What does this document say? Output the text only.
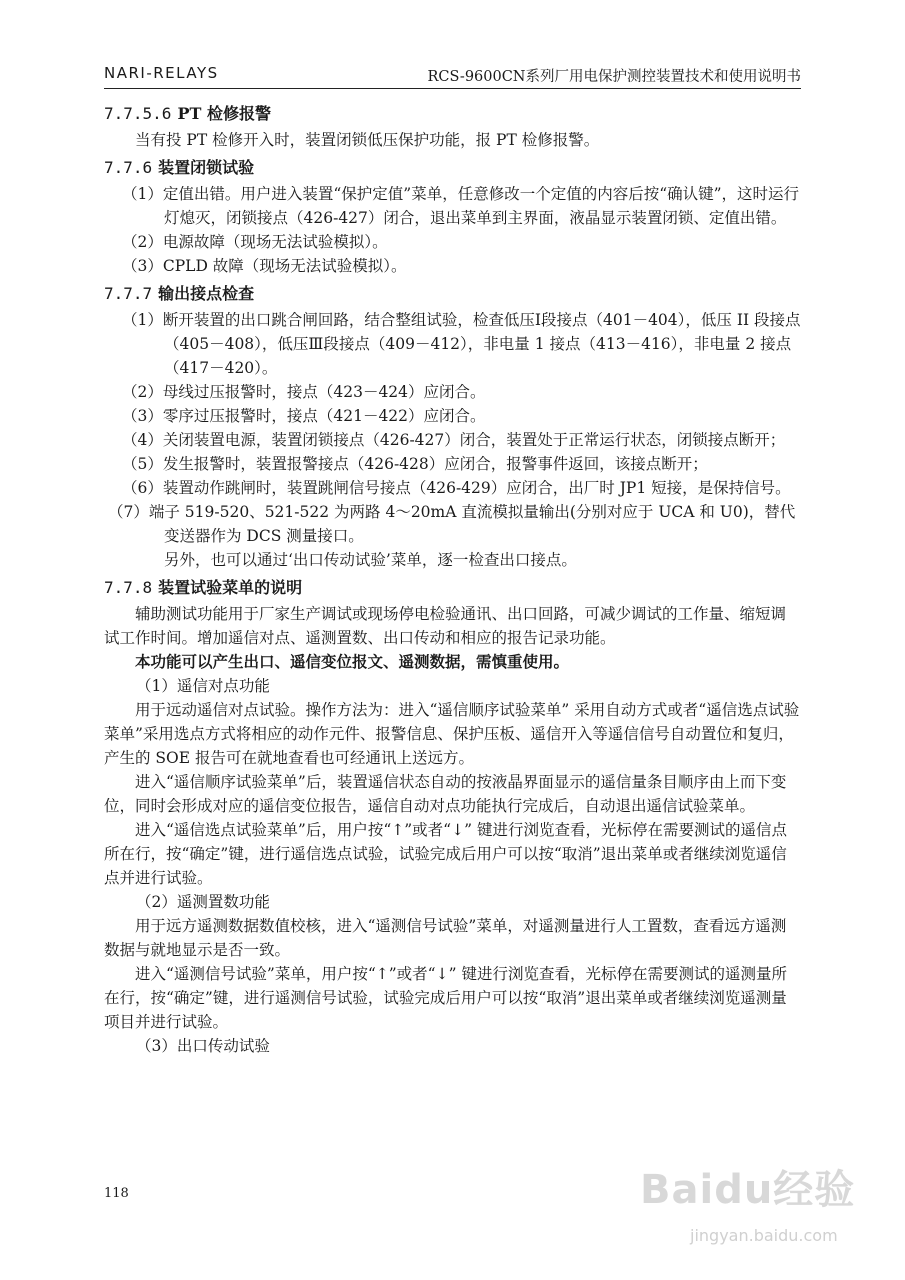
NARI-RELAYS	RCS-9600CN系列厂用电保护测控装置技术和使用说明书
7.7.5.6 PT 检修报警

当有投 PT 检修开入时，装置闭锁低压保护功能，报 PT 检修报警。

7.7.6 装置闭锁试验

（1）定值出错。用户进入装置“保护定值”菜单，任意修改一个定值的内容后按“确认键”，这时运行灯熄灭，闭锁接点（426-427）闭合，退出菜单到主界面，液晶显示装置闭锁、定值出错。

（2）电源故障（现场无法试验模拟）。

（3）CPLD 故障（现场无法试验模拟）。

7.7.7 输出接点检查

（1）断开装置的出口跳合闸回路，结合整组试验，检查低压Ⅰ段接点（401－404），低压 II 段接点（405－408），低压Ⅲ段接点（409－412），非电量 1 接点（413－416），非电量 2 接点（417－420）。

（2）母线过压报警时，接点（423－424）应闭合。

（3）零序过压报警时，接点（421－422）应闭合。

（4）关闭装置电源，装置闭锁接点（426-427）闭合，装置处于正常运行状态，闭锁接点断开；

（5）发生报警时，装置报警接点（426-428）应闭合，报警事件返回，该接点断开；

（6）装置动作跳闸时，装置跳闸信号接点（426-429）应闭合，出厂时 JP1 短接，是保持信号。

（7）端子 519-520、521-522 为两路 4～20mA 直流模拟量输出(分别对应于 UCA 和 U0)，替代变送器作为 DCS 测量接口。

另外，也可以通过‘出口传动试验’菜单，逐一检查出口接点。

7.7.8 装置试验菜单的说明

辅助测试功能用于厂家生产调试或现场停电检验通讯、出口回路，可减少调试的工作量、缩短调试工作时间。增加遥信对点、遥测置数、出口传动和相应的报告记录功能。

本功能可以产生出口、遥信变位报文、遥测数据，需慎重使用。

（1）遥信对点功能

用于远动遥信对点试验。操作方法为：进入“遥信顺序试验菜单” 采用自动方式或者“遥信选点试验菜单”采用选点方式将相应的动作元件、报警信息、保护压板、遥信开入等遥信信号自动置位和复归，产生的 SOE 报告可在就地查看也可经通讯上送远方。

进入“遥信顺序试验菜单”后，装置遥信状态自动的按液晶界面显示的遥信量条目顺序由上而下变位，同时会形成对应的遥信变位报告，遥信自动对点功能执行完成后，自动退出遥信试验菜单。

进入“遥信选点试验菜单”后，用户按“↑”或者“↓” 键进行浏览查看，光标停在需要测试的遥信点所在行，按“确定”键，进行遥信选点试验，试验完成后用户可以按“取消”退出菜单或者继续浏览遥信点并进行试验。

（2）遥测置数功能

用于远方遥测数据数值校核，进入“遥测信号试验”菜单，对遥测量进行人工置数，查看远方遥测数据与就地显示是否一致。

进入“遥测信号试验”菜单，用户按“↑”或者“↓” 键进行浏览查看，光标停在需要测试的遥测量所在行，按“确定”键，进行遥测信号试验，试验完成后用户可以按“取消”退出菜单或者继续浏览遥测量项目并进行试验。

（3）出口传动试验

118	Baidu经验
jingyan.baidu.com
